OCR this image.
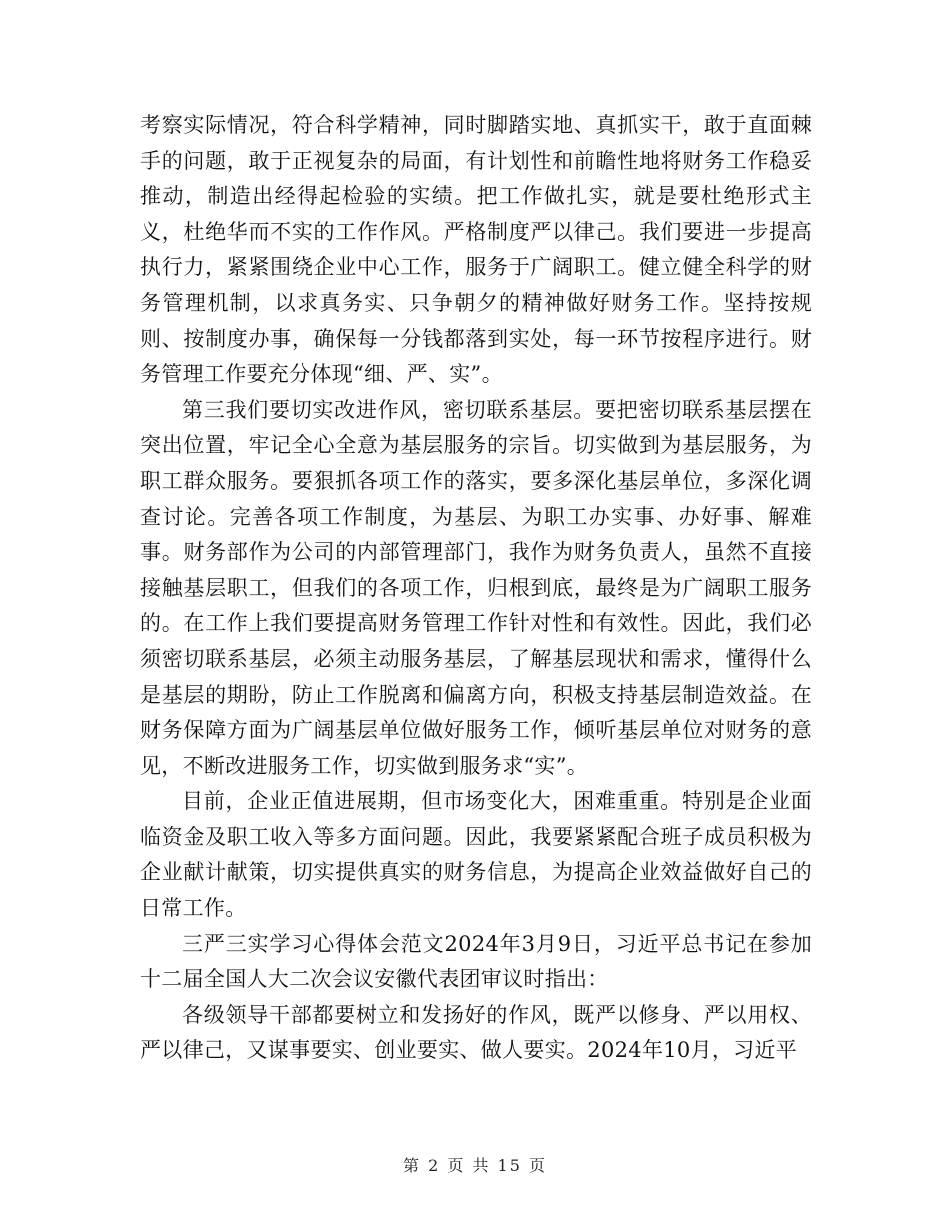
考察实际情况，符合科学精神，同时脚踏实地、真抓实干，敢于直面棘手的问题，敢于正视复杂的局面，有计划性和前瞻性地将财务工作稳妥推动，制造出经得起检验的实绩。把工作做扎实，就是要杜绝形式主义，杜绝华而不实的工作作风。严格制度严以律己。我们要进一步提高执行力，紧紧围绕企业中心工作，服务于广阔职工。健立健全科学的财务管理机制，以求真务实、只争朝夕的精神做好财务工作。坚持按规则、按制度办事，确保每一分钱都落到实处，每一环节按程序进行。财务管理工作要充分体现“细、严、实”。

第三我们要切实改进作风，密切联系基层。要把密切联系基层摆在突出位置，牢记全心全意为基层服务的宗旨。切实做到为基层服务，为职工群众服务。要狠抓各项工作的落实，要多深化基层单位，多深化调查讨论。完善各项工作制度，为基层、为职工办实事、办好事、解难事。财务部作为公司的内部管理部门，我作为财务负责人，虽然不直接接触基层职工，但我们的各项工作，归根到底，最终是为广阔职工服务的。在工作上我们要提高财务管理工作针对性和有效性。因此，我们必须密切联系基层，必须主动服务基层，了解基层现状和需求，懂得什么是基层的期盼，防止工作脱离和偏离方向，积极支持基层制造效益。在财务保障方面为广阔基层单位做好服务工作，倾听基层单位对财务的意见，不断改进服务工作，切实做到服务求“实”。

目前，企业正值进展期，但市场变化大，困难重重。特别是企业面临资金及职工收入等多方面问题。因此，我要紧紧配合班子成员积极为企业献计献策，切实提供真实的财务信息，为提高企业效益做好自己的日常工作。

三严三实学习心得体会范文2024年3月9日，习近平总书记在参加十二届全国人大二次会议安徽代表团审议时指出：

各级领导干部都要树立和发扬好的作风，既严以修身、严以用权、严以律己，又谋事要实、创业要实、做人要实。2024年10月，习近平

第 2 页 共 15 页
